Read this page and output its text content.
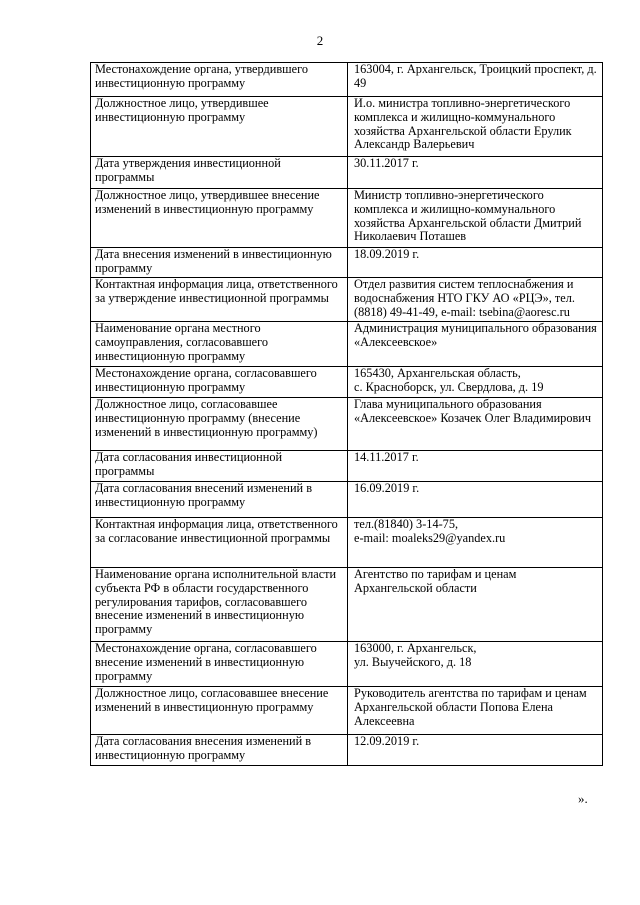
2
Местонахождение органа, утвердившего инвестиционную программу	163004, г. Архангельск, Троицкий проспект, д. 49
Должностное лицо, утвердившее инвестиционную программу	И.о. министра топливно-энергетического комплекса и жилищно-коммунального хозяйства Архангельской области Ерулик Александр Валерьевич
Дата утверждения инвестиционной программы	30.11.2017 г.
Должностное лицо, утвердившее внесение изменений в инвестиционную программу	Министр топливно-энергетического комплекса и жилищно-коммунального хозяйства Архангельской области Дмитрий Николаевич Поташев
Дата внесения изменений в инвестиционную программу	18.09.2019 г.
Контактная информация лица, ответственного за утверждение инвестиционной программы	Отдел развития систем теплоснабжения и водоснабжения НТО ГКУ АО «РЦЭ», тел. (8818) 49-41-49, e-mail: tsebina@aoresc.ru
Наименование органа местного самоуправления, согласовавшего инвестиционную программу	Администрация муниципального образования «Алексеевское»
Местонахождение органа, согласовавшего инвестиционную программу	165430, Архангельская область,
с. Красноборск, ул. Свердлова, д. 19
Должностное лицо, согласовавшее инвестиционную программу (внесение изменений в инвестиционную программу)	Глава муниципального образования «Алексеевское» Козачек Олег Владимирович
Дата согласования инвестиционной программы	14.11.2017 г.
Дата согласования внесений изменений в инвестиционную программу	16.09.2019 г.
Контактная информация лица, ответственного за согласование инвестиционной программы	тел.(81840) 3-14-75,
e-mail: moaleks29@yandex.ru
Наименование органа исполнительной власти субъекта РФ в области государственного регулирования тарифов, согласовавшего внесение изменений в инвестиционную программу	Агентство по тарифам и ценам Архангельской области
Местонахождение органа, согласовавшего внесение изменений в инвестиционную программу	163000, г. Архангельск,
ул. Выучейского, д. 18
Должностное лицо, согласовавшее внесение изменений в инвестиционную программу	Руководитель агентства по тарифам и ценам Архангельской области Попова Елена Алексеевна
Дата согласования внесения изменений в инвестиционную программу	12.09.2019 г.
».
